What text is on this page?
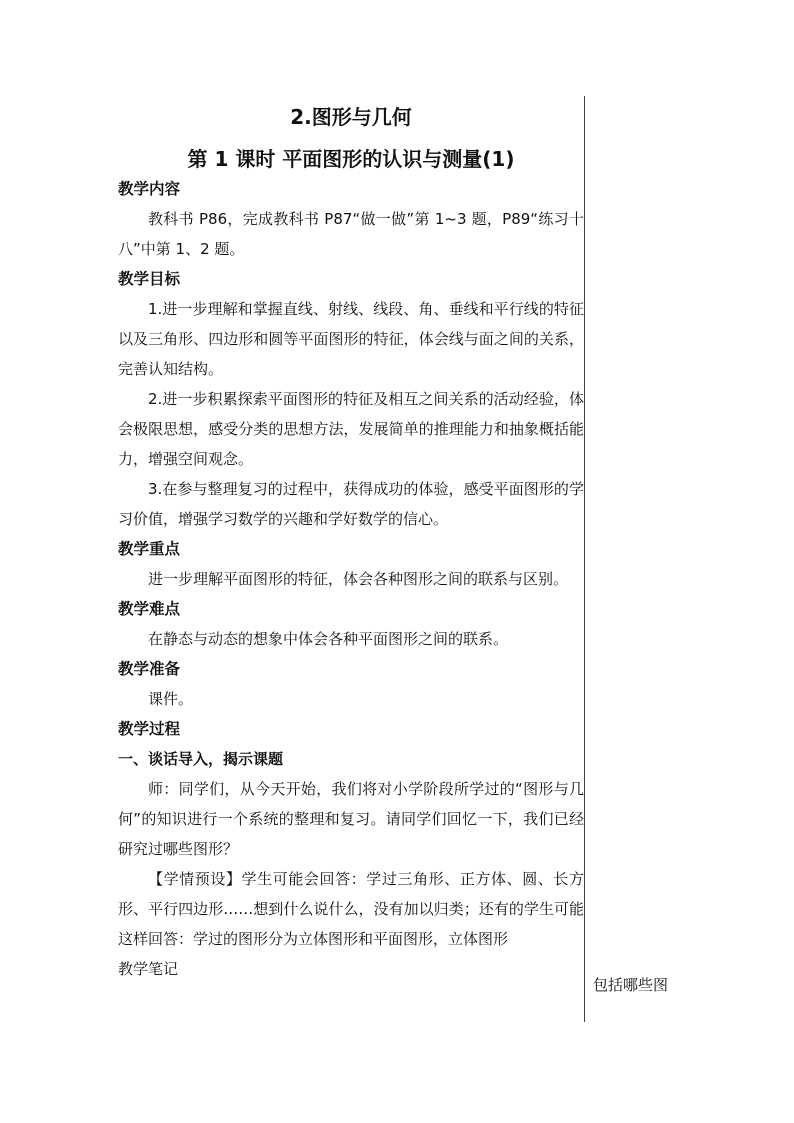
2.图形与几何

第 1 课时 平面图形的认识与测量(1)

教学内容

教科书 P86，完成教科书 P87“做一做”第 1~3 题，P89“练习十八”中第 1、2 题。

教学目标

1.进一步理解和掌握直线、射线、线段、角、垂线和平行线的特征以及三角形、四边形和圆等平面图形的特征，体会线与面之间的关系，完善认知结构。

2.进一步积累探索平面图形的特征及相互之间关系的活动经验，体会极限思想，感受分类的思想方法，发展简单的推理能力和抽象概括能力，增强空间观念。

3.在参与整理复习的过程中，获得成功的体验，感受平面图形的学习价值，增强学习数学的兴趣和学好数学的信心。

教学重点

进一步理解平面图形的特征，体会各种图形之间的联系与区别。

教学难点

在静态与动态的想象中体会各种平面图形之间的联系。

教学准备

课件。

教学过程

一、谈话导入，揭示课题

师：同学们，从今天开始，我们将对小学阶段所学过的“图形与几何”的知识进行一个系统的整理和复习。请同学们回忆一下，我们已经研究过哪些图形？

【学情预设】学生可能会回答：学过三角形、正方体、圆、长方形、平行四边形……想到什么说什么，没有加以归类；还有的学生可能这样回答：学过的图形分为立体图形和平面图形，立体图形

教学笔记

包括哪些图
